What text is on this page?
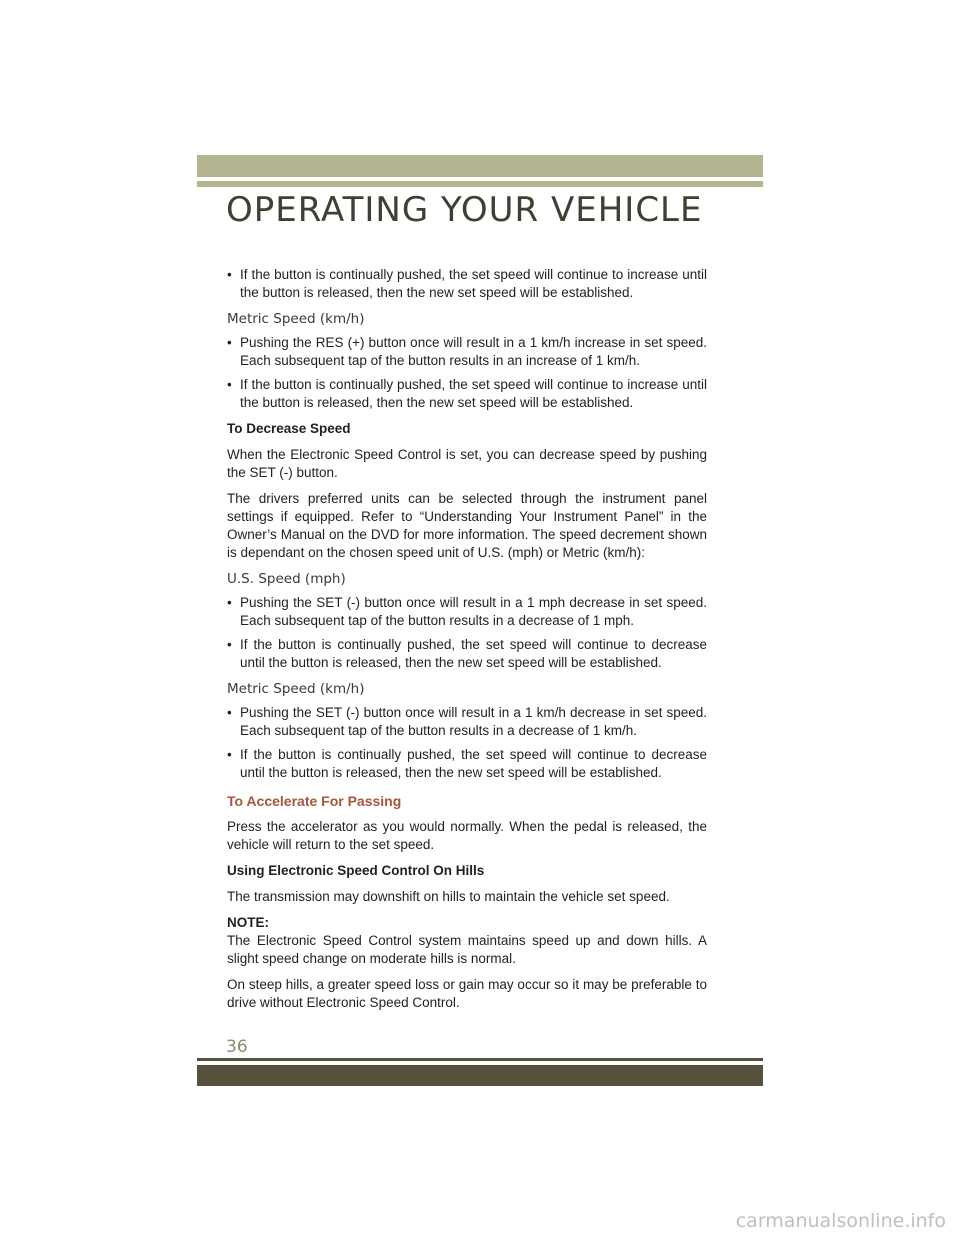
OPERATING YOUR VEHICLE
• If the button is continually pushed, the set speed will continue to increase until the button is released, then the new set speed will be established.
Metric Speed (km/h)
• Pushing the RES (+) button once will result in a 1 km/h increase in set speed. Each subsequent tap of the button results in an increase of 1 km/h.
• If the button is continually pushed, the set speed will continue to increase until the button is released, then the new set speed will be established.
To Decrease Speed

When the Electronic Speed Control is set, you can decrease speed by pushing the SET (-) button.

The drivers preferred units can be selected through the instrument panel settings if equipped. Refer to “Understanding Your Instrument Panel” in the Owner’s Manual on the DVD for more information. The speed decrement shown is dependant on the chosen speed unit of U.S. (mph) or Metric (km/h):

U.S. Speed (mph)
• Pushing the SET (-) button once will result in a 1 mph decrease in set speed. Each subsequent tap of the button results in a decrease of 1 mph.
• If the button is continually pushed, the set speed will continue to decrease until the button is released, then the new set speed will be established.
Metric Speed (km/h)
• Pushing the SET (-) button once will result in a 1 km/h decrease in set speed. Each subsequent tap of the button results in a decrease of 1 km/h.
• If the button is continually pushed, the set speed will continue to decrease until the button is released, then the new set speed will be established.
To Accelerate For Passing

Press the accelerator as you would normally. When the pedal is released, the vehicle will return to the set speed.

Using Electronic Speed Control On Hills

The transmission may downshift on hills to maintain the vehicle set speed.

NOTE:

The Electronic Speed Control system maintains speed up and down hills. A slight speed change on moderate hills is normal.

On steep hills, a greater speed loss or gain may occur so it may be preferable to drive without Electronic Speed Control.

36
carmanualsonline.info
